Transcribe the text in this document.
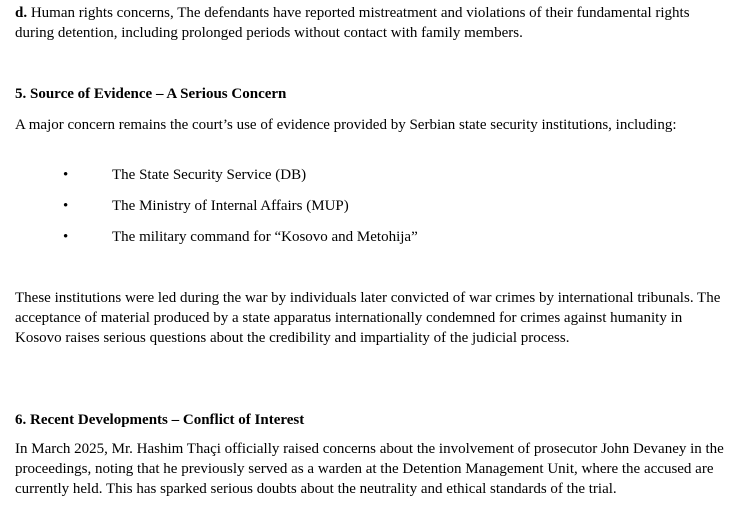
d. Human rights concerns, The defendants have reported mistreatment and violations of their fundamental rights during detention, including prolonged periods without contact with family members.

5. Source of Evidence – A Serious Concern

A major concern remains the court’s use of evidence provided by Serbian state security institutions, including:

•	The State Security Service (DB)
•	The Ministry of Internal Affairs (MUP)
•	The military command for “Kosovo and Metohija”

These institutions were led during the war by individuals later convicted of war crimes by international tribunals. The acceptance of material produced by a state apparatus internationally condemned for crimes against humanity in Kosovo raises serious questions about the credibility and impartiality of the judicial process.

6. Recent Developments – Conflict of Interest

In March 2025, Mr. Hashim Thaçi officially raised concerns about the involvement of prosecutor John Devaney in the proceedings, noting that he previously served as a warden at the Detention Management Unit, where the accused are currently held. This has sparked serious doubts about the neutrality and ethical standards of the trial.
